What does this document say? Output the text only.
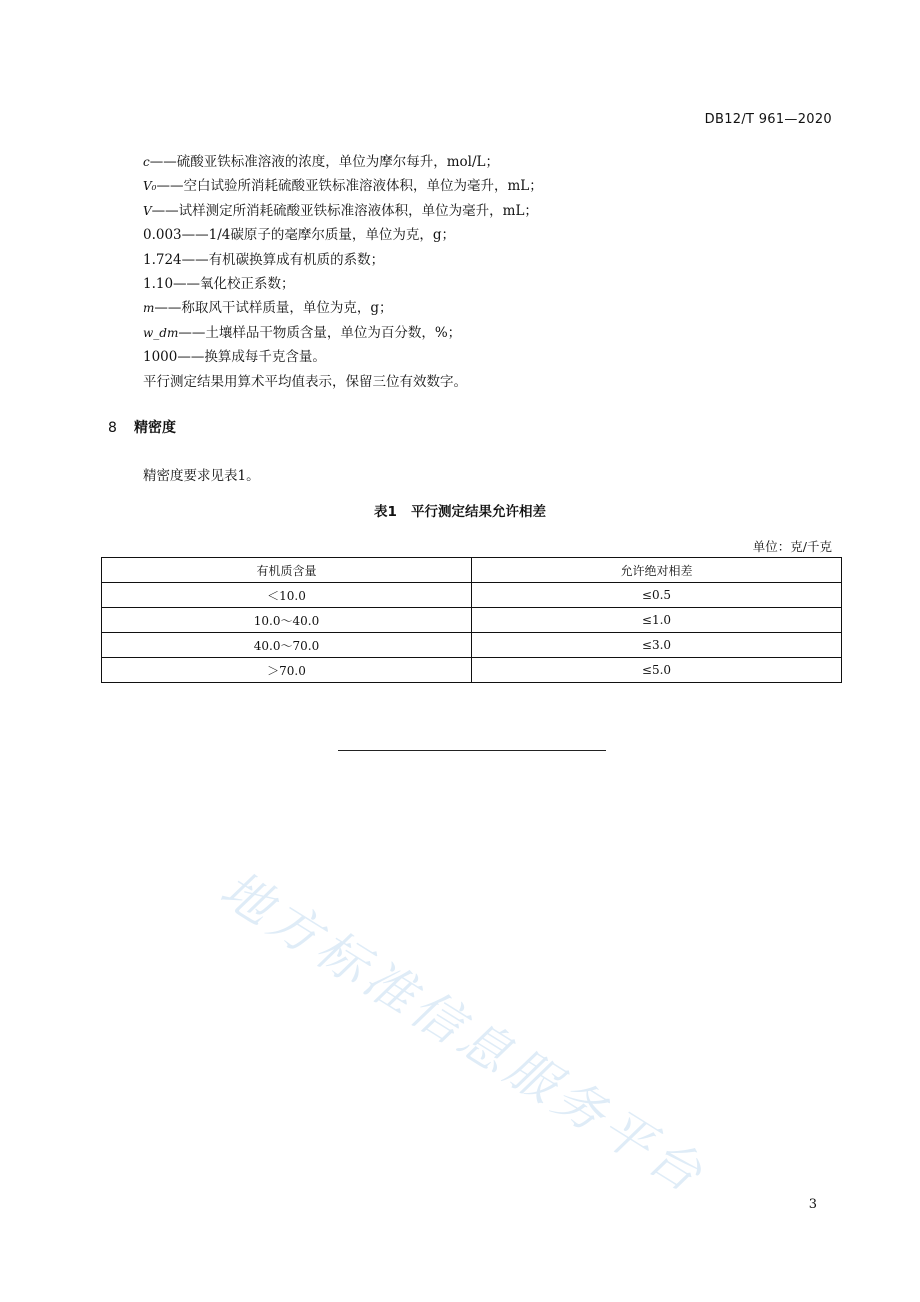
DB12/T 961—2020
c——硫酸亚铁标准溶液的浓度，单位为摩尔每升，mol/L；
V₀——空白试验所消耗硫酸亚铁标准溶液体积，单位为毫升，mL；
V——试样测定所消耗硫酸亚铁标准溶液体积，单位为毫升，mL；
0.003——1/4碳原子的毫摩尔质量，单位为克，g；
1.724——有机碳换算成有机质的系数；
1.10——氧化校正系数；
m——称取风干试样质量，单位为克，g；
w_dm——土壤样品干物质含量，单位为百分数，%；
1000——换算成每千克含量。
平行测定结果用算术平均值表示，保留三位有效数字。
8 精密度
精密度要求见表1。
表1 平行测定结果允许相差
单位：克/千克
有机质含量	允许绝对相差
＜10.0	≤0.5
10.0～40.0	≤1.0
40.0～70.0	≤3.0
＞70.0	≤5.0
地方标准信息服务平台	3
